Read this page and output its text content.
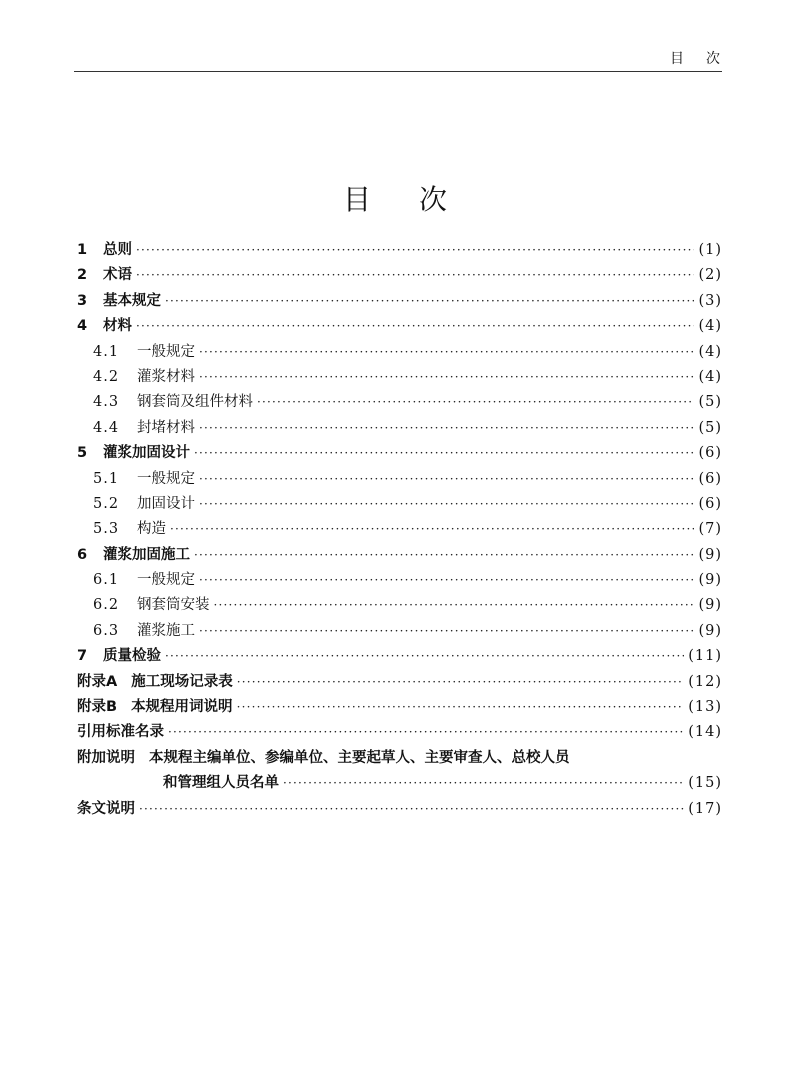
目次
目次
1	总则 ·····	(1)
2	术语 ·····	(2)
3	基本规定 ·····	(3)
4	材料 ·····	(4)
4.1	一般规定 ·····	(4)
4.2	灌浆材料 ·····	(4)
4.3	钢套筒及组件材料 ·····	(5)
4.4	封堵材料 ·····	(5)
5	灌浆加固设计 ·····	(6)
5.1	一般规定 ·····	(6)
5.2	加固设计 ·····	(6)
5.3	构造 ·····	(7)
6	灌浆加固施工 ·····	(9)
6.1	一般规定 ·····	(9)
6.2	钢套筒安装 ·····	(9)
6.3	灌浆施工 ·····	(9)
7	质量检验 ·····	(11)
附录A 施工现场记录表 ·····	(12)
附录B 本规程用词说明 ·····	(13)
引用标准名录 ·····	(14)
附加说明 本规程主编单位、参编单位、主要起草人、主要审查人、总校人员
和管理组人员名单 ·····	(15)
条文说明 ·····	(17)
